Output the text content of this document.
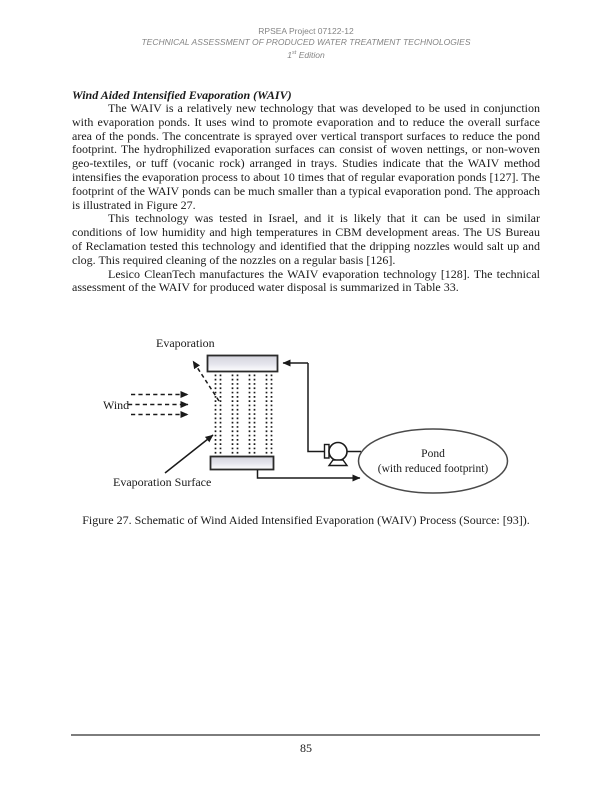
RPSEA Project 07122-12
TECHNICAL ASSESSMENT OF PRODUCED WATER TREATMENT TECHNOLOGIES
1st Edition
Wind Aided Intensified Evaporation (WAIV)

The WAIV is a relatively new technology that was developed to be used in conjunction with evaporation ponds. It uses wind to promote evaporation and to reduce the overall surface area of the ponds. The concentrate is sprayed over vertical transport surfaces to reduce the pond footprint. The hydrophilized evaporation surfaces can consist of woven nettings, or non-woven geo-textiles, or tuff (vocanic rock) arranged in trays. Studies indicate that the WAIV method intensifies the evaporation process to about 10 times that of regular evaporation ponds [127]. The footprint of the WAIV ponds can be much smaller than a typical evaporation pond. The approach is illustrated in Figure 27.

This technology was tested in Israel, and it is likely that it can be used in similar conditions of low humidity and high temperatures in CBM development areas. The US Bureau of Reclamation tested this technology and identified that the dripping nozzles would salt up and clog. This required cleaning of the nozzles on a regular basis [126].

Lesico CleanTech manufactures the WAIV evaporation technology [128]. The technical assessment of the WAIV for produced water disposal is summarized in Table 33.

Pond
(with reduced footprint)
Wind
Evaporation
Evaporation Surface
Figure 27. Schematic of Wind Aided Intensified Evaporation (WAIV) Process (Source: [93]).
85
